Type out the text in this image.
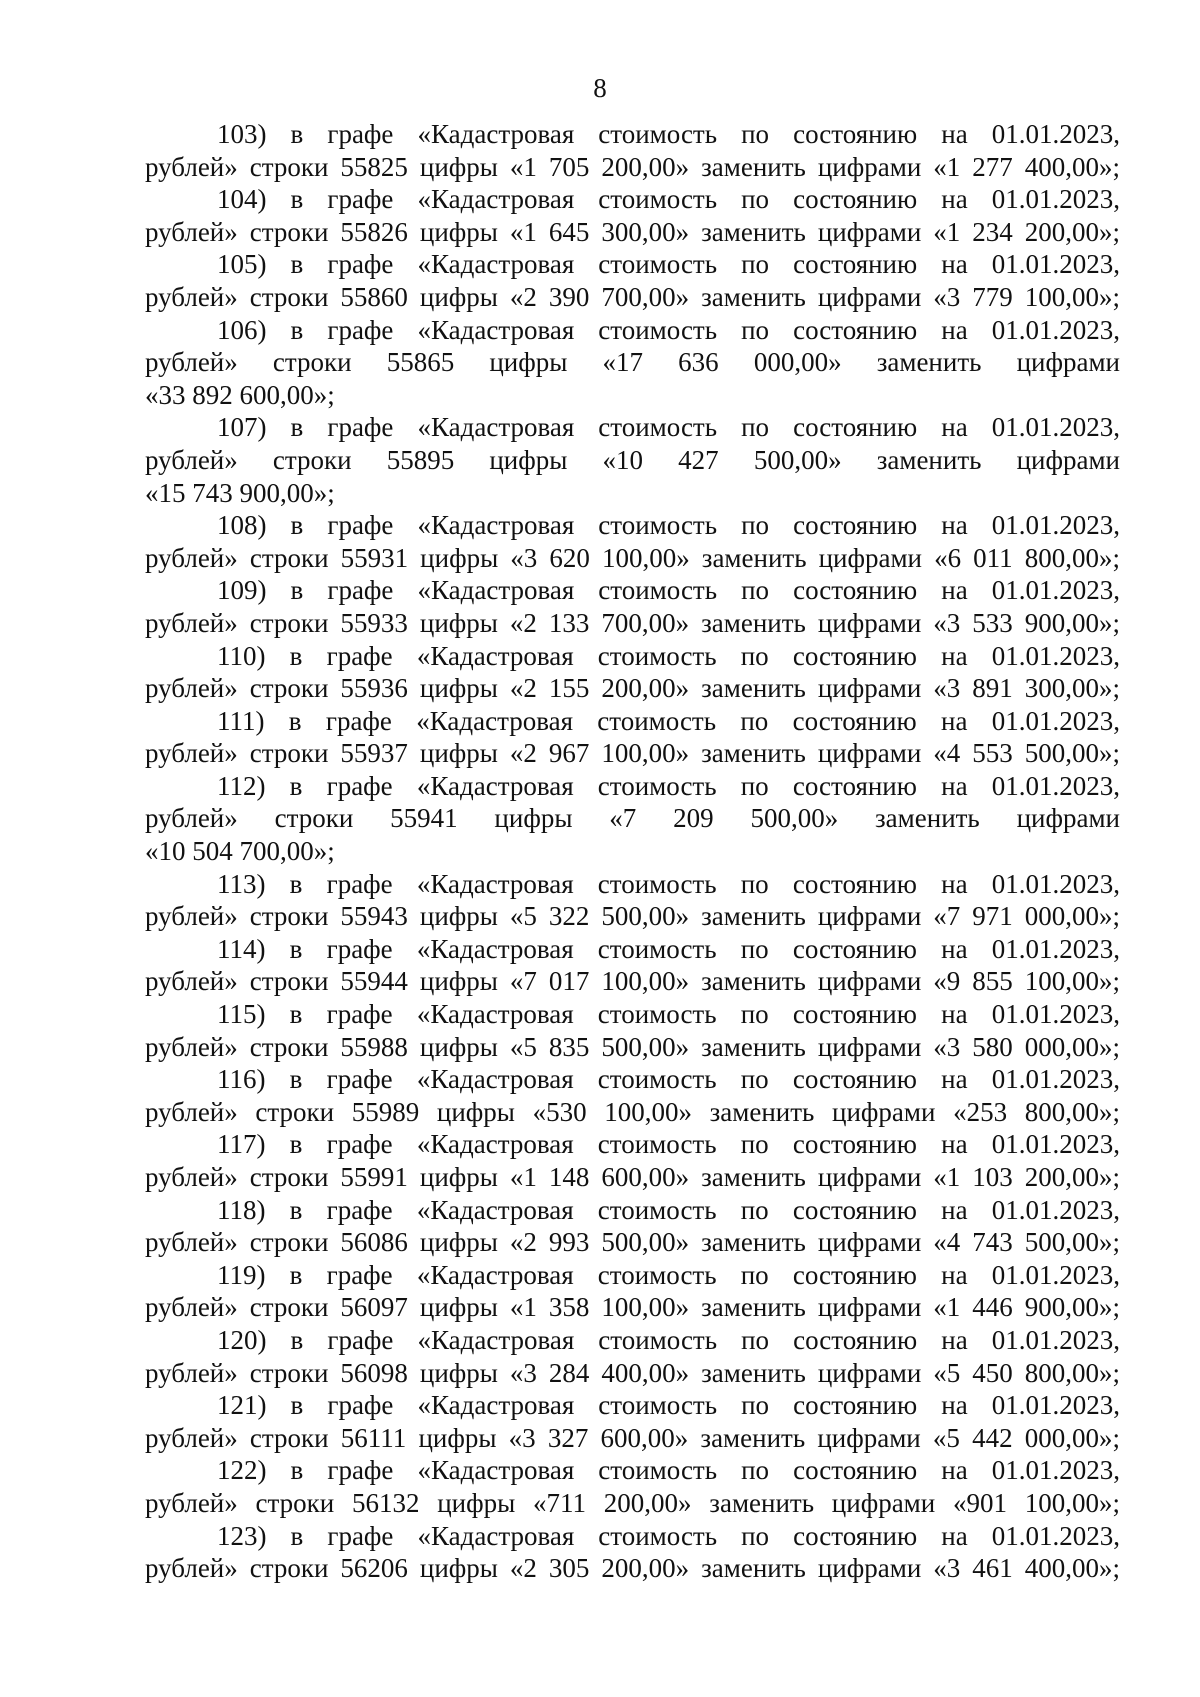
8
103) в графе «Кадастровая стоимость по состоянию на 01.01.2023,
рублей» строки 55825 цифры «1 705 200,00» заменить цифрами «1 277 400,00»;
104) в графе «Кадастровая стоимость по состоянию на 01.01.2023,
рублей» строки 55826 цифры «1 645 300,00» заменить цифрами «1 234 200,00»;
105) в графе «Кадастровая стоимость по состоянию на 01.01.2023,
рублей» строки 55860 цифры «2 390 700,00» заменить цифрами «3 779 100,00»;
106) в графе «Кадастровая стоимость по состоянию на 01.01.2023,
рублей» строки 55865 цифры «17 636 000,00» заменить цифрами
«33 892 600,00»;
107) в графе «Кадастровая стоимость по состоянию на 01.01.2023,
рублей» строки 55895 цифры «10 427 500,00» заменить цифрами
«15 743 900,00»;
108) в графе «Кадастровая стоимость по состоянию на 01.01.2023,
рублей» строки 55931 цифры «3 620 100,00» заменить цифрами «6 011 800,00»;
109) в графе «Кадастровая стоимость по состоянию на 01.01.2023,
рублей» строки 55933 цифры «2 133 700,00» заменить цифрами «3 533 900,00»;
110) в графе «Кадастровая стоимость по состоянию на 01.01.2023,
рублей» строки 55936 цифры «2 155 200,00» заменить цифрами «3 891 300,00»;
111) в графе «Кадастровая стоимость по состоянию на 01.01.2023,
рублей» строки 55937 цифры «2 967 100,00» заменить цифрами «4 553 500,00»;
112) в графе «Кадастровая стоимость по состоянию на 01.01.2023,
рублей» строки 55941 цифры «7 209 500,00» заменить цифрами
«10 504 700,00»;
113) в графе «Кадастровая стоимость по состоянию на 01.01.2023,
рублей» строки 55943 цифры «5 322 500,00» заменить цифрами «7 971 000,00»;
114) в графе «Кадастровая стоимость по состоянию на 01.01.2023,
рублей» строки 55944 цифры «7 017 100,00» заменить цифрами «9 855 100,00»;
115) в графе «Кадастровая стоимость по состоянию на 01.01.2023,
рублей» строки 55988 цифры «5 835 500,00» заменить цифрами «3 580 000,00»;
116) в графе «Кадастровая стоимость по состоянию на 01.01.2023,
рублей» строки 55989 цифры «530 100,00» заменить цифрами «253 800,00»;
117) в графе «Кадастровая стоимость по состоянию на 01.01.2023,
рублей» строки 55991 цифры «1 148 600,00» заменить цифрами «1 103 200,00»;
118) в графе «Кадастровая стоимость по состоянию на 01.01.2023,
рублей» строки 56086 цифры «2 993 500,00» заменить цифрами «4 743 500,00»;
119) в графе «Кадастровая стоимость по состоянию на 01.01.2023,
рублей» строки 56097 цифры «1 358 100,00» заменить цифрами «1 446 900,00»;
120) в графе «Кадастровая стоимость по состоянию на 01.01.2023,
рублей» строки 56098 цифры «3 284 400,00» заменить цифрами «5 450 800,00»;
121) в графе «Кадастровая стоимость по состоянию на 01.01.2023,
рублей» строки 56111 цифры «3 327 600,00» заменить цифрами «5 442 000,00»;
122) в графе «Кадастровая стоимость по состоянию на 01.01.2023,
рублей» строки 56132 цифры «711 200,00» заменить цифрами «901 100,00»;
123) в графе «Кадастровая стоимость по состоянию на 01.01.2023,
рублей» строки 56206 цифры «2 305 200,00» заменить цифрами «3 461 400,00»;
